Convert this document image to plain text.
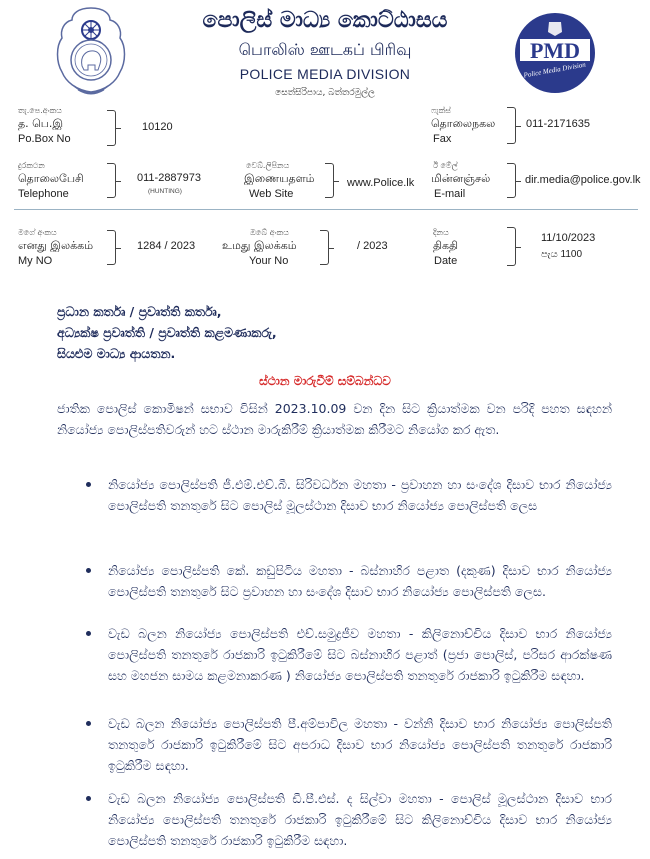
පොලිස් මාධ්‍ය කොට්ඨාසය
பொலிஸ் ஊடகப் பிரிவு
POLICE MEDIA DIVISION
සෙත්සිරිපාය, බත්තරමුල්ල
PMD
Police Media Division
තැ.පෙ.අංකය
த. பெ.இ
Po.Box No
10120
ෆැක්ස්
தொலைநகல
Fax
011-2171635
දුරකථන
தொலைபேசி
Telephone
011-2887973
(HUNTING)
වෙබ්.ලිපිනය
இணையதளம்
Web Site
www.Police.lk
ඊ මේල්
மின்னஞ்சல்
E-mail
dir.media@police.gov.lk
මගේ අංකය
எனது இலக்கம்
My NO
1284 / 2023
ඔබේ අංකය
உமது இலக்கம்
Your No
/ 2023
දිනය
திகதி
Date
11/10/2023
පැය 1100
ප්‍රධාන කර්තෘ / ප්‍රවෘත්ති කර්තෘ,
අධ්‍යක්ෂ ප්‍රවෘත්ති / ප්‍රවෘත්ති කළමණාකරු,
සියළුම මාධ්‍ය ආයතන.
ස්ථාන මාරුවීම් සම්බන්ධව
ජාතික පොලිස් කොමිෂන් සභාව විසින් 2023.10.09 වන දින සිට ක්‍රියාත්මක වන පරිදි පහත සඳහන් නියෝජ්‍ය පොලිස්පතිවරුන් හට ස්ථාන මාරුකිරීම් ක්‍රියාත්මක කිරීමට නියෝග කර ඇත.
නියෝජ්‍ය පොලිස්පති ජී.එම්.එච්.බී. සිරිවර්ධන මහතා - ප්‍රවාහන හා සංදේශ දිසාව භාර නියෝජ්‍ය පොලිස්පති තනතුරේ සිට පොලිස් මූලස්ථාන දිසාව භාර නියෝජ්‍ය පොලිස්පති ලෙස
නියෝජ්‍ය පොලිස්පති කේ. කඩුපිටිය මහතා - බස්නාහිර පළාත (දකුණ) දිසාව භාර නියෝජ්‍ය පොලිස්පති තනතුරේ සිට ප්‍රවාහන හා සංදේශ දිසාව භාර නියෝජ්‍ය පොලිස්පති ලෙස.
වැඩ බලන නියෝජ්‍ය පොලිස්පති එච්.සමුද්‍රජීව මහතා - කිලිනොච්චිය දිසාව භාර නියෝජ්‍ය පොලිස්පති තනතුරේ රාජකාරි ඉටුකිරීමේ සිට බස්නාහිර පළාත් (ප්‍රජා පොලිස්, පරිසර ආරක්ෂණ සහ මහජන සාමය කළමනාකරණ ) නියෝජ්‍ය පොලිස්පති තනතුරේ රාජකාරි ඉටුකිරීම සඳහා.
වැඩ බලන නියෝජ්‍ය පොලිස්පති පී.අම්පාවිල මහතා - වන්නි දිසාව භාර නියෝජ්‍ය පොලිස්පති තනතුරේ රාජකාරි ඉටුකිරීමේ සිට අපරාධ දිසාව භාර නියෝජ්‍ය පොලිස්පති තනතුරේ රාජකාරි ඉටුකිරීම සඳහා.
වැඩ බලන නියෝජ්‍ය පොලිස්පති ඩී.පී.එස්. ද සිල්වා මහතා - පොලිස් මූලස්ථාන දිසාව භාර නියෝජ්‍ය පොලිස්පති තනතුරේ රාජකාරි ඉටුකිරීමේ සිට කිලිනොච්චිය දිසාව භාර නියෝජ්‍ය පොලිස්පති තනතුරේ රාජකාරි ඉටුකිරීම සඳහා.
